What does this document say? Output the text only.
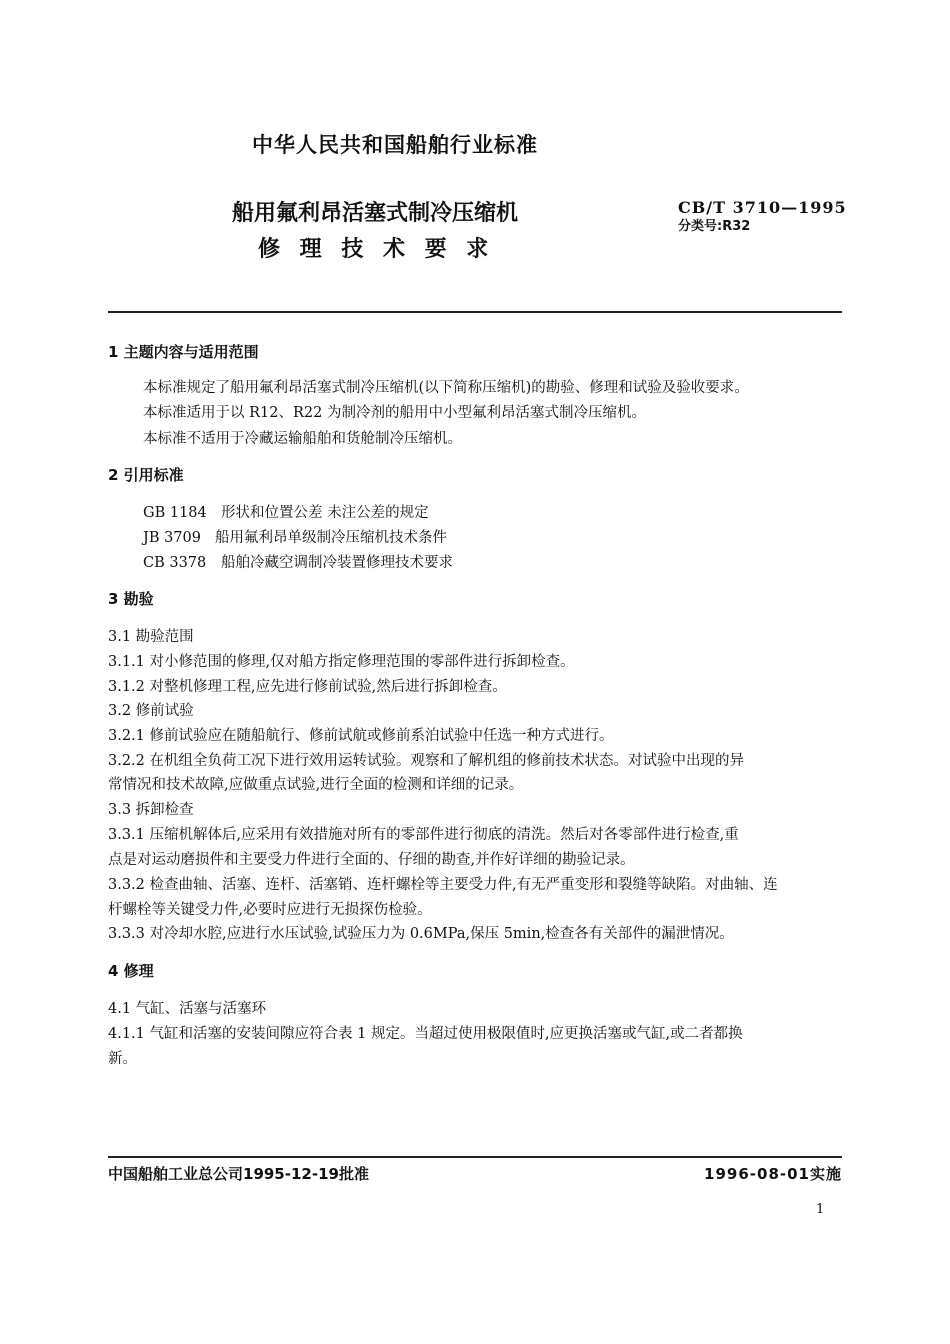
中华人民共和国船舶行业标准
船用氟利昂活塞式制冷压缩机
修 理 技 术 要 求
CB/T 3710—1995
分类号:R32
1 主题内容与适用范围
本标准规定了船用氟利昂活塞式制冷压缩机(以下简称压缩机)的勘验、修理和试验及验收要求。
本标准适用于以 R12、R22 为制冷剂的船用中小型氟利昂活塞式制冷压缩机。
本标准不适用于冷藏运输船舶和货舱制冷压缩机。
2 引用标准
GB 1184 形状和位置公差 未注公差的规定
JB 3709 船用氟利昂单级制冷压缩机技术条件
CB 3378 船舶冷藏空调制冷装置修理技术要求
3 勘验
3.1 勘验范围
3.1.1 对小修范围的修理,仅对船方指定修理范围的零部件进行拆卸检查。
3.1.2 对整机修理工程,应先进行修前试验,然后进行拆卸检查。
3.2 修前试验
3.2.1 修前试验应在随船航行、修前试航或修前系泊试验中任选一种方式进行。
3.2.2 在机组全负荷工况下进行效用运转试验。观察和了解机组的修前技术状态。对试验中出现的异
常情况和技术故障,应做重点试验,进行全面的检测和详细的记录。
3.3 拆卸检查
3.3.1 压缩机解体后,应采用有效措施对所有的零部件进行彻底的清洗。然后对各零部件进行检查,重
点是对运动磨损件和主要受力件进行全面的、仔细的勘查,并作好详细的勘验记录。
3.3.2 检查曲轴、活塞、连杆、活塞销、连杆螺栓等主要受力件,有无严重变形和裂缝等缺陷。对曲轴、连
杆螺栓等关键受力件,必要时应进行无损探伤检验。
3.3.3 对冷却水腔,应进行水压试验,试验压力为 0.6MPa,保压 5min,检查各有关部件的漏泄情况。
4 修理
4.1 气缸、活塞与活塞环
4.1.1 气缸和活塞的安装间隙应符合表 1 规定。当超过使用极限值时,应更换活塞或气缸,或二者都换
新。
中国船舶工业总公司1995-12-19批准	1996-08-01实施
1
